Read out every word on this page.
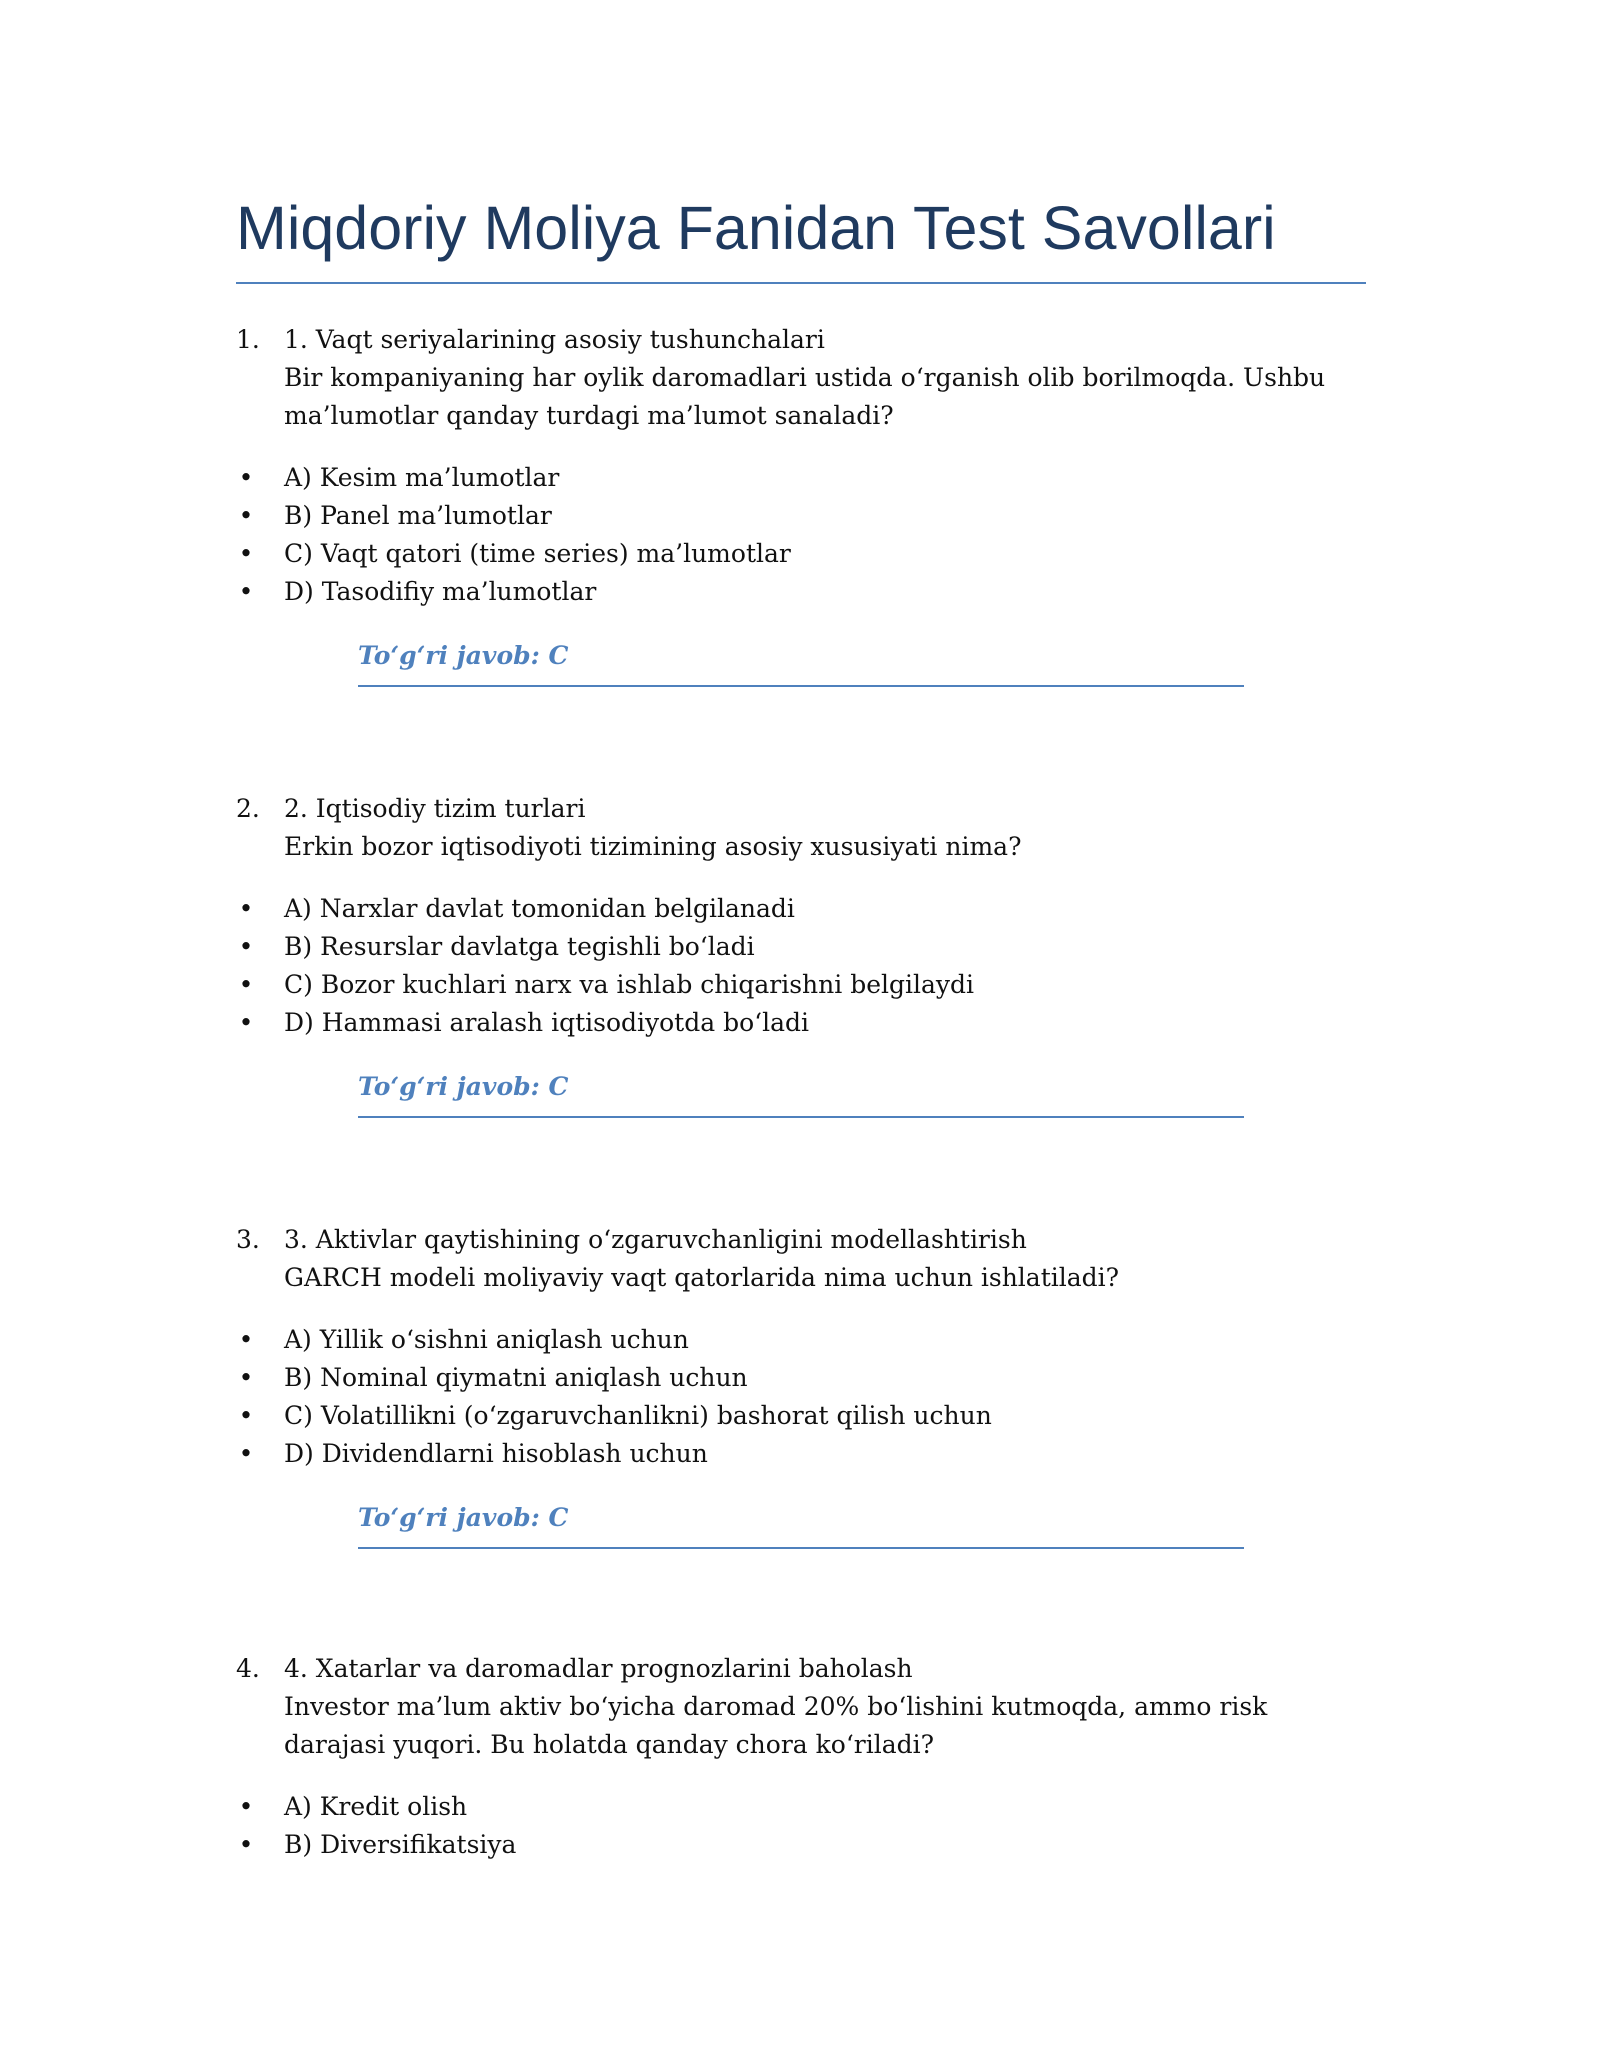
Miqdoriy Moliya Fanidan Test Savollari
1. 1. Vaqt seriyalarining asosiy tushunchalari
Bir kompaniyaning har oylik daromadlari ustida o‘rganish olib borilmoqda. Ushbu ma’lumotlar qanday turdagi ma’lumot sanaladi?
• A) Kesim ma’lumotlar
• B) Panel ma’lumotlar
• C) Vaqt qatori (time series) ma’lumotlar
• D) Tasodifiy ma’lumotlar
To‘g‘ri javob: C
2. 2. Iqtisodiy tizim turlari
Erkin bozor iqtisodiyoti tizimining asosiy xususiyati nima?
• A) Narxlar davlat tomonidan belgilanadi
• B) Resurslar davlatga tegishli bo‘ladi
• C) Bozor kuchlari narx va ishlab chiqarishni belgilaydi
• D) Hammasi aralash iqtisodiyotda bo‘ladi
To‘g‘ri javob: C
3. 3. Aktivlar qaytishining o‘zgaruvchanligini modellashtirish
GARCH modeli moliyaviy vaqt qatorlarida nima uchun ishlatiladi?
• A) Yillik o‘sishni aniqlash uchun
• B) Nominal qiymatni aniqlash uchun
• C) Volatillikni (o‘zgaruvchanlikni) bashorat qilish uchun
• D) Dividendlarni hisoblash uchun
To‘g‘ri javob: C
4. 4. Xatarlar va daromadlar prognozlarini baholash
Investor ma’lum aktiv bo‘yicha daromad 20% bo‘lishini kutmoqda, ammo risk darajasi yuqori. Bu holatda qanday chora ko‘riladi?
• A) Kredit olish
• B) Diversifikatsiya
